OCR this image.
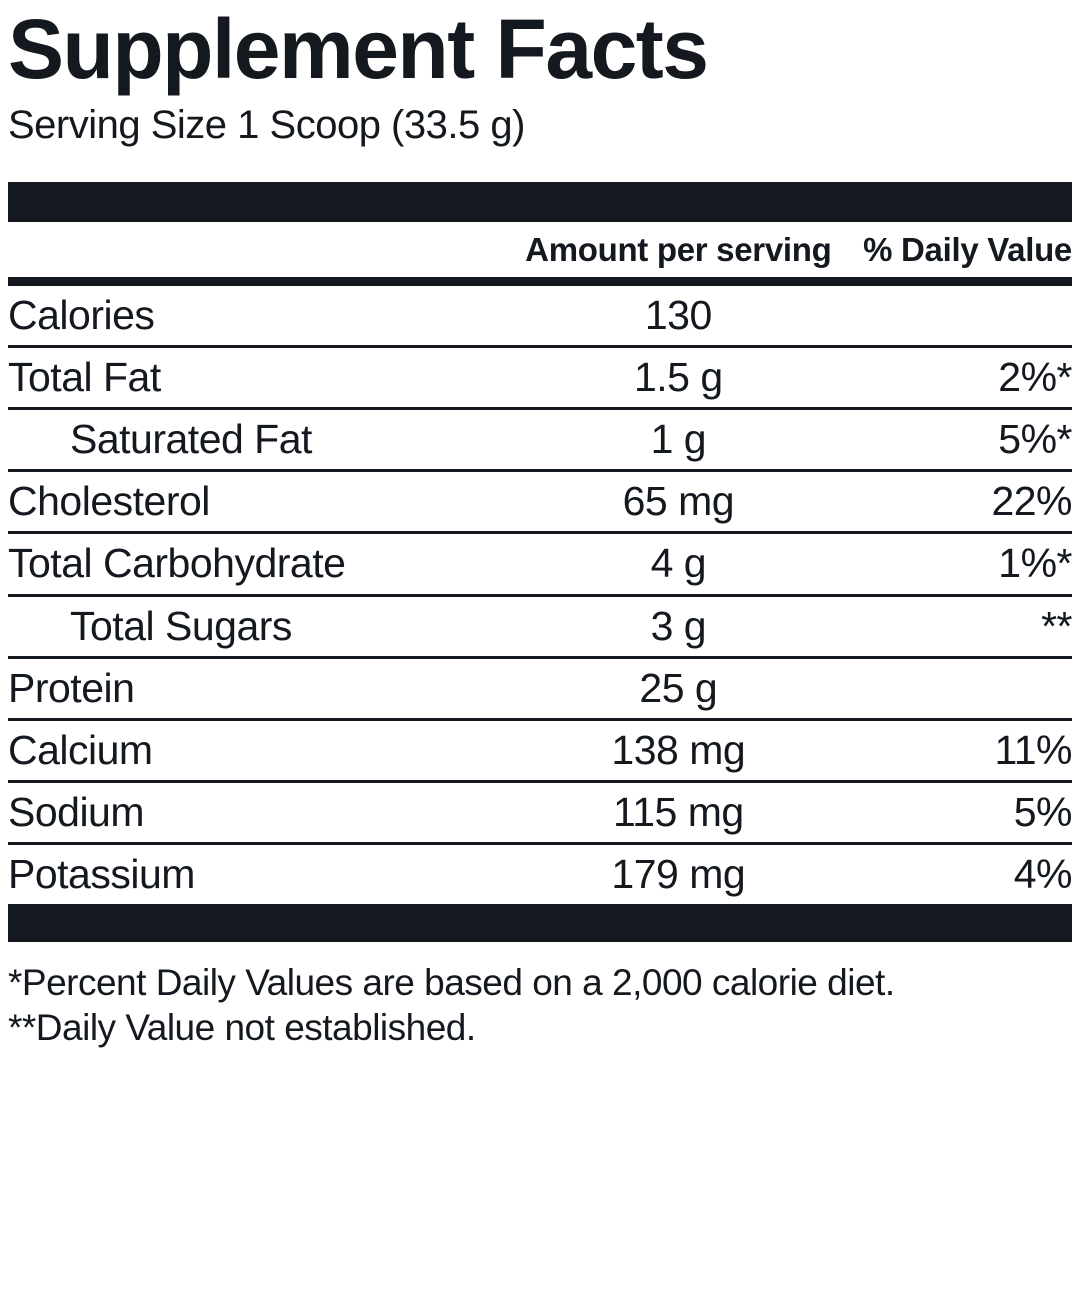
Supplement Facts
Serving Size 1 Scoop (33.5 g)
	Amount per serving	% Daily Value
Calories	130	
Total Fat	1.5 g	2%*
Saturated Fat	1 g	5%*
Cholesterol	65 mg	22%
Total Carbohydrate	4 g	1%*
Total Sugars	3 g	**
Protein	25 g	
Calcium	138 mg	11%
Sodium	115 mg	5%
Potassium	179 mg	4%
*Percent Daily Values are based on a 2,000 calorie diet.
**Daily Value not established.
